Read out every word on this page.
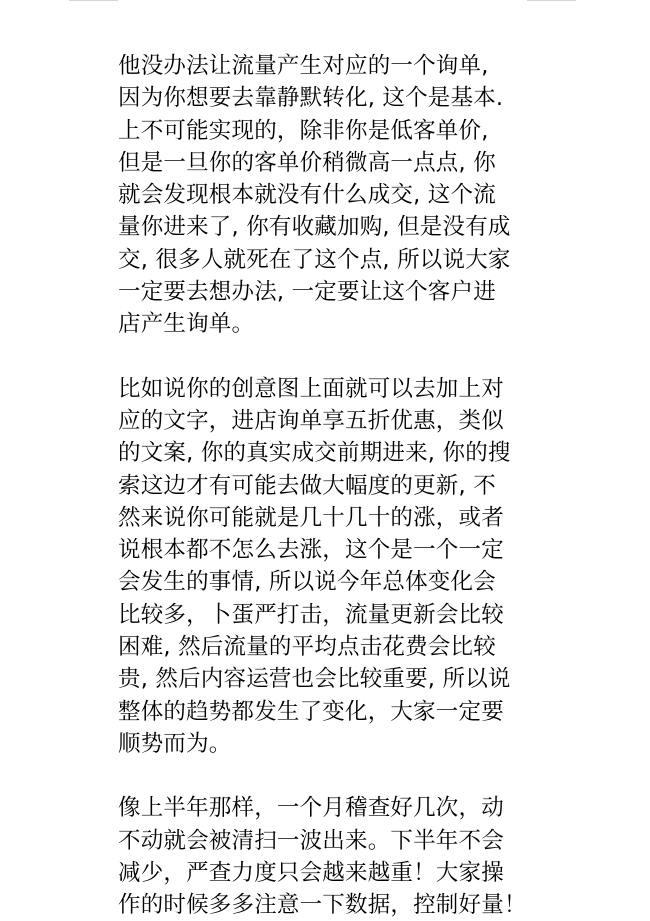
他没办法让流量产生对应的一个询单,
因为你想要去靠静默转化, 这个是基本.
上不可能实现的，除非你是低客单价,
但是一旦你的客单价稍微高一点点, 你
就会发现根本就没有什么成交, 这个流
量你进来了, 你有收藏加购, 但是没有成
交, 很多人就死在了这个点, 所以说大家
一定要去想办法, 一定要让这个客户进
店产生询单。

比如说你的创意图上面就可以去加上对
应的文字，进店询单享五折优惠，类似
的文案, 你的真实成交前期进来, 你的搜
索这边才有可能去做大幅度的更新, 不
然来说你可能就是几十几十的涨，或者
说根本都不怎么去涨，这个是一个一定
会发生的事情, 所以说今年总体变化会
比较多，卜蛋严打击，流量更新会比较
困难, 然后流量的平均点击花费会比较
贵, 然后内容运营也会比较重要, 所以说
整体的趋势都发生了变化，大家一定要
顺势而为。

像上半年那样，一个月稽查好几次，动
不动就会被清扫一波出来。下半年不会
减少，严查力度只会越来越重！大家操
作的时候多多注意一下数据，控制好量！
